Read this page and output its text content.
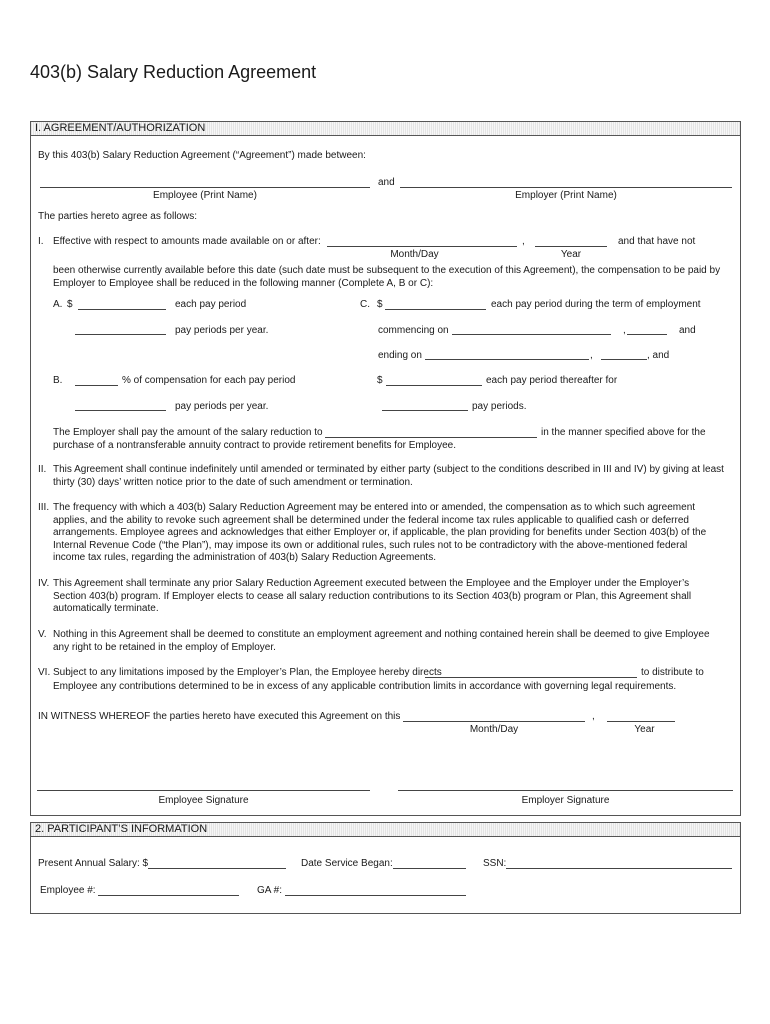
403(b) Salary Reduction Agreement
I. AGREEMENT/AUTHORIZATION
By this 403(b) Salary Reduction Agreement (“Agreement”) made between:
and
Employee (Print Name)	Employer (Print Name)
The parties hereto agree as follows:
I. Effective with respect to amounts made available on or after:	,	and that have not
Month/Day	Year
been otherwise currently available before this date (such date must be subsequent to the execution of this Agreement), the compensation to be paid by Employer to Employee shall be reduced in the following manner (Complete A, B or C):
A. $	each pay period	C. $	each pay period during the term of employment
pay periods per year.	commencing on	,	and
ending on	,	, and
B.	% of compensation for each pay period	$	each pay period thereafter for
pay periods per year.	pay periods.
The Employer shall pay the amount of the salary reduction to	in the manner specified above for the
purchase of a nontransferable annuity contract to provide retirement benefits for Employee.
II. This Agreement shall continue indefinitely until amended or terminated by either party (subject to the conditions described in III and IV) by giving at least thirty (30) days’ written notice prior to the date of such amendment or termination.
III. The frequency with which a 403(b) Salary Reduction Agreement may be entered into or amended, the compensation as to which such agreement applies, and the ability to revoke such agreement shall be determined under the federal income tax rules applicable to qualified cash or deferred arrangements. Employee agrees and acknowledges that either Employer or, if applicable, the plan providing for benefits under Section 403(b) of the Internal Revenue Code (“the Plan”), may impose its own or additional rules, such rules not to be contradictory with the above-mentioned federal income tax rules, regarding the administration of 403(b) Salary Reduction Agreements.
IV. This Agreement shall terminate any prior Salary Reduction Agreement executed between the Employee and the Employer under the Employer’s Section 403(b) program. If Employer elects to cease all salary reduction contributions to its Section 403(b) program or Plan, this Agreement shall automatically terminate.
V. Nothing in this Agreement shall be deemed to constitute an employment agreement and nothing contained herein shall be deemed to give Employee any right to be retained in the employ of Employer.
VI. Subject to any limitations imposed by the Employer’s Plan, the Employee hereby directs	to distribute to
Employee any contributions determined to be in excess of any applicable contribution limits in accordance with governing legal requirements.
IN WITNESS WHEREOF the parties hereto have executed this Agreement on this	,
Month/Day	Year
Employee Signature	Employer Signature
2. PARTICIPANT’S INFORMATION
Present Annual Salary: $	Date Service Began:	SSN:
Employee #:	GA #:
